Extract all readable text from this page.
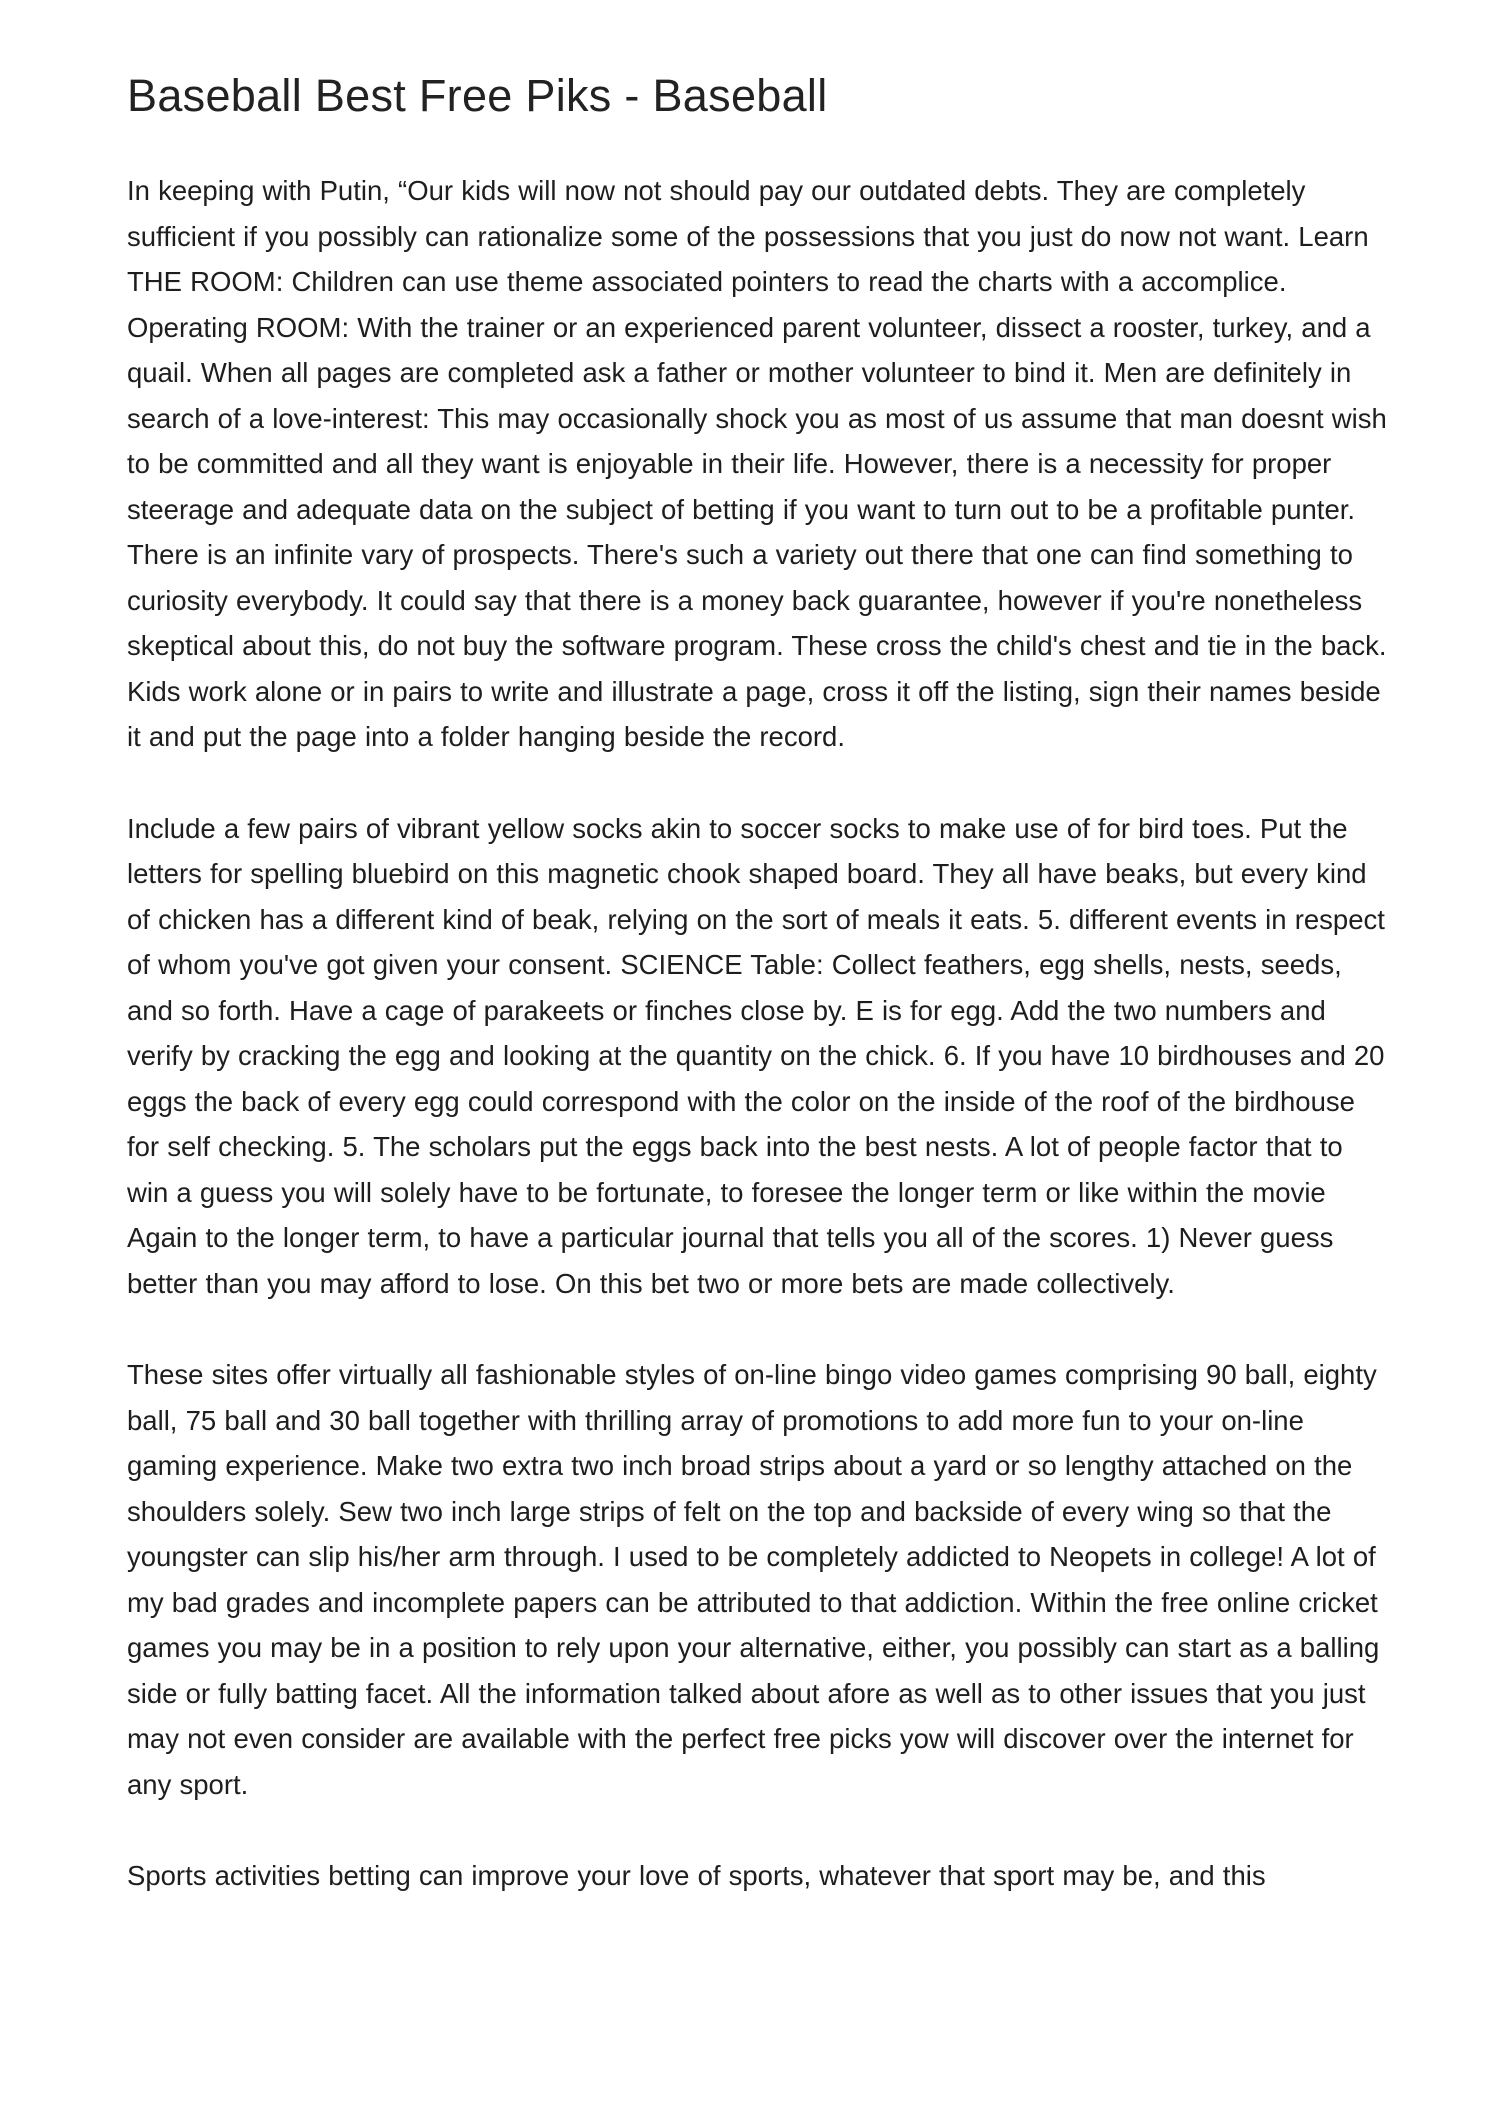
Baseball Best Free Piks - Baseball

In keeping with Putin, “Our kids will now not should pay our outdated debts. They are completely sufficient if you possibly can rationalize some of the possessions that you just do now not want. Learn THE ROOM: Children can use theme associated pointers to read the charts with a accomplice. Operating ROOM: With the trainer or an experienced parent volunteer, dissect a rooster, turkey, and a quail. When all pages are completed ask a father or mother volunteer to bind it. Men are definitely in search of a love-interest: This may occasionally shock you as most of us assume that man doesnt wish to be committed and all they want is enjoyable in their life. However, there is a necessity for proper steerage and adequate data on the subject of betting if you want to turn out to be a profitable punter. There is an infinite vary of prospects. There's such a variety out there that one can find something to curiosity everybody. It could say that there is a money back guarantee, however if you're nonetheless skeptical about this, do not buy the software program. These cross the child's chest and tie in the back. Kids work alone or in pairs to write and illustrate a page, cross it off the listing, sign their names beside it and put the page into a folder hanging beside the record.

Include a few pairs of vibrant yellow socks akin to soccer socks to make use of for bird toes. Put the letters for spelling bluebird on this magnetic chook shaped board. They all have beaks, but every kind of chicken has a different kind of beak, relying on the sort of meals it eats. 5. different events in respect of whom you've got given your consent. SCIENCE Table: Collect feathers, egg shells, nests, seeds, and so forth. Have a cage of parakeets or finches close by. E is for egg. Add the two numbers and verify by cracking the egg and looking at the quantity on the chick. 6. If you have 10 birdhouses and 20 eggs the back of every egg could correspond with the color on the inside of the roof of the birdhouse for self checking. 5. The scholars put the eggs back into the best nests. A lot of people factor that to win a guess you will solely have to be fortunate, to foresee the longer term or like within the movie Again to the longer term, to have a particular journal that tells you all of the scores. 1) Never guess better than you may afford to lose. On this bet two or more bets are made collectively.

These sites offer virtually all fashionable styles of on-line bingo video games comprising 90 ball, eighty ball, 75 ball and 30 ball together with thrilling array of promotions to add more fun to your on-line gaming experience. Make two extra two inch broad strips about a yard or so lengthy attached on the shoulders solely. Sew two inch large strips of felt on the top and backside of every wing so that the youngster can slip his/her arm through. I used to be completely addicted to Neopets in college! A lot of my bad grades and incomplete papers can be attributed to that addiction. Within the free online cricket games you may be in a position to rely upon your alternative, either, you possibly can start as a balling side or fully batting facet. All the information talked about afore as well as to other issues that you just may not even consider are available with the perfect free picks yow will discover over the internet for any sport.

Sports activities betting can improve your love of sports, whatever that sport may be, and this
